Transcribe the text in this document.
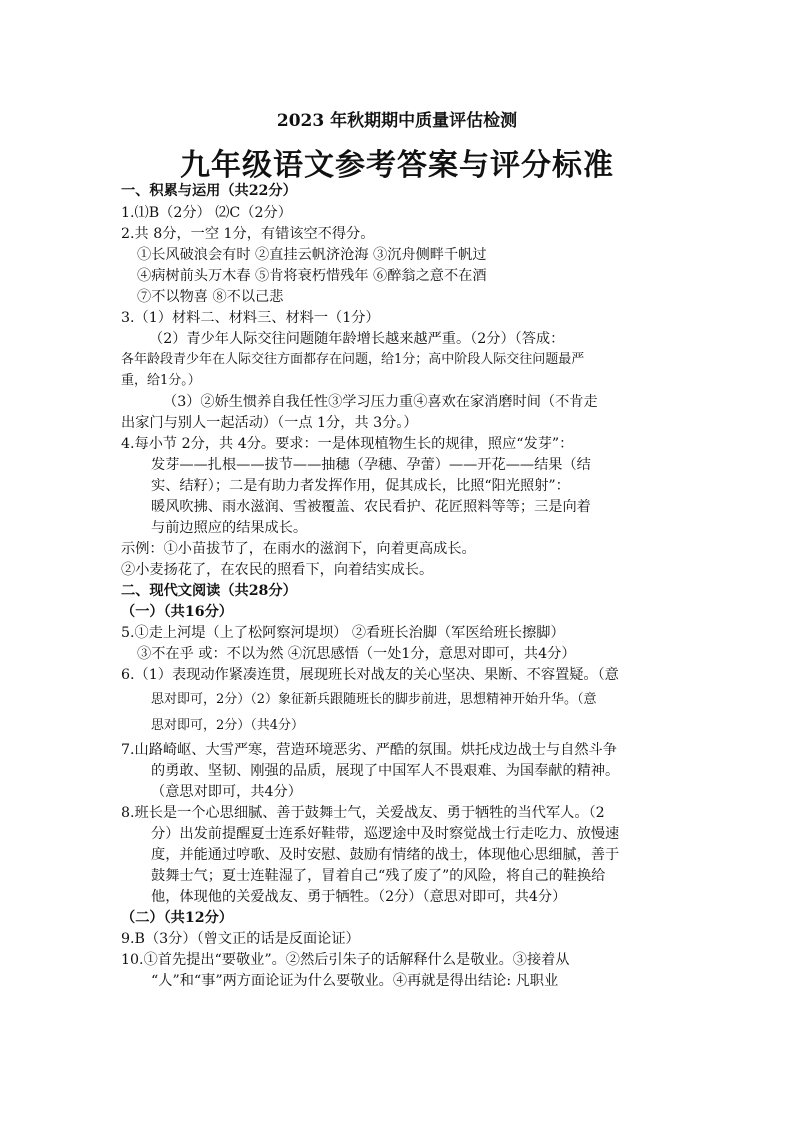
2023 年秋期期中质量评估检测
九年级语文参考答案与评分标准
一、积累与运用（共22分）
1.⑴B（2分） ⑵C（2分）
2.共 8分，一空 1分，有错该空不得分。
①长风破浪会有时 ②直挂云帆济沧海 ③沉舟侧畔千帆过
④病树前头万木春 ⑤肯将衰朽惜残年 ⑥醉翁之意不在酒
⑦不以物喜 ⑧不以己悲
3.（1）材料二、材料三、材料一（1分）
（2）青少年人际交往问题随年龄增长越来越严重。（2分）（答成：
各年龄段青少年在人际交往方面都存在问题，给1分；高中阶段人际交往问题最严
重，给1分。）
（3）②娇生惯养自我任性③学习压力重④喜欢在家消磨时间（不肯走
出家门与别人一起活动）（一点 1分，共 3分。）
4.每小节 2分，共 4分。要求：一是体现植物生长的规律，照应“发芽”：
发芽——扎根——拔节——抽穗（孕穗、孕蕾）——开花——结果（结
实、结籽）；二是有助力者发挥作用，促其成长，比照“阳光照射”：
暖风吹拂、雨水滋润、雪被覆盖、农民看护、花匠照料等等；三是向着
与前边照应的结果成长。
示例：①小苗拔节了，在雨水的滋润下，向着更高成长。
②小麦扬花了，在农民的照看下，向着结实成长。
二、现代文阅读（共28分）
（一）（共16分）
5.①走上河堤（上了松阿察河堤坝） ②看班长治脚（军医给班长擦脚）
③不在乎 或：不以为然 ④沉思感悟（一处1分，意思对即可，共4分）
6.（1）表现动作紧凑连贯，展现班长对战友的关心坚决、果断、不容置疑。（意
思对即可，2分）（2）象征新兵跟随班长的脚步前进，思想精神开始升华。（意
思对即可，2分）（共4分）
7.山路崎岖、大雪严寒，营造环境恶劣、严酷的氛围。烘托戍边战士与自然斗争
的勇敢、坚韧、刚强的品质，展现了中国军人不畏艰难、为国奉献的精神。
（意思对即可，共4分）
8.班长是一个心思细腻、善于鼓舞士气，关爱战友、勇于牺牲的当代军人。（2
分）出发前提醒夏士连系好鞋带，巡逻途中及时察觉战士行走吃力、放慢速
度，并能通过哼歌、及时安慰、鼓励有情绪的战士，体现他心思细腻，善于
鼓舞士气；夏士连鞋湿了，冒着自己“残了废了”的风险，将自己的鞋换给
他，体现他的关爱战友、勇于牺牲。（2分）（意思对即可，共4分）
（二）（共12分）
9.B（3分）（曾文正的话是反面论证）
10.①首先提出“要敬业”。②然后引朱子的话解释什么是敬业。③接着从
“人”和“事”两方面论证为什么要敬业。④再就是得出结论: 凡职业
